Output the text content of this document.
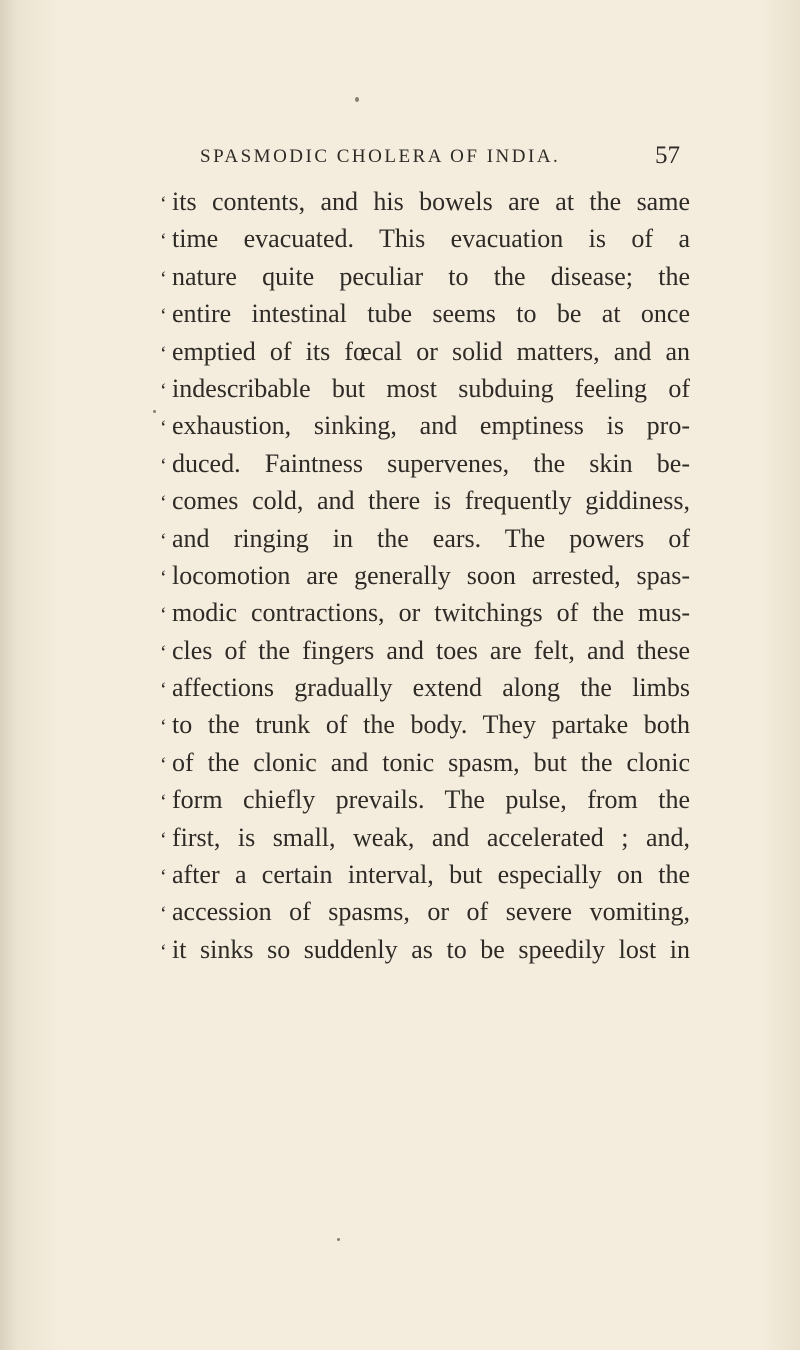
SPASMODIC CHOLERA OF INDIA.	57
‘ its contents, and his bowels are at the same
‘ time evacuated. This evacuation is of a
‘ nature quite peculiar to the disease; the
‘ entire intestinal tube seems to be at once
‘ emptied of its fœcal or solid matters, and an
‘ indescribable but most subduing feeling of
‘ exhaustion, sinking, and emptiness is pro-
‘ duced. Faintness supervenes, the skin be-
‘ comes cold, and there is frequently giddiness,
‘ and ringing in the ears. The powers of
‘ locomotion are generally soon arrested, spas-
‘ modic contractions, or twitchings of the mus-
‘ cles of the fingers and toes are felt, and these
‘ affections gradually extend along the limbs
‘ to the trunk of the body. They partake both
‘ of the clonic and tonic spasm, but the clonic
‘ form chiefly prevails. The pulse, from the
‘ first, is small, weak, and accelerated ; and,
‘ after a certain interval, but especially on the
‘ accession of spasms, or of severe vomiting,
‘ it sinks so suddenly as to be speedily lost in
